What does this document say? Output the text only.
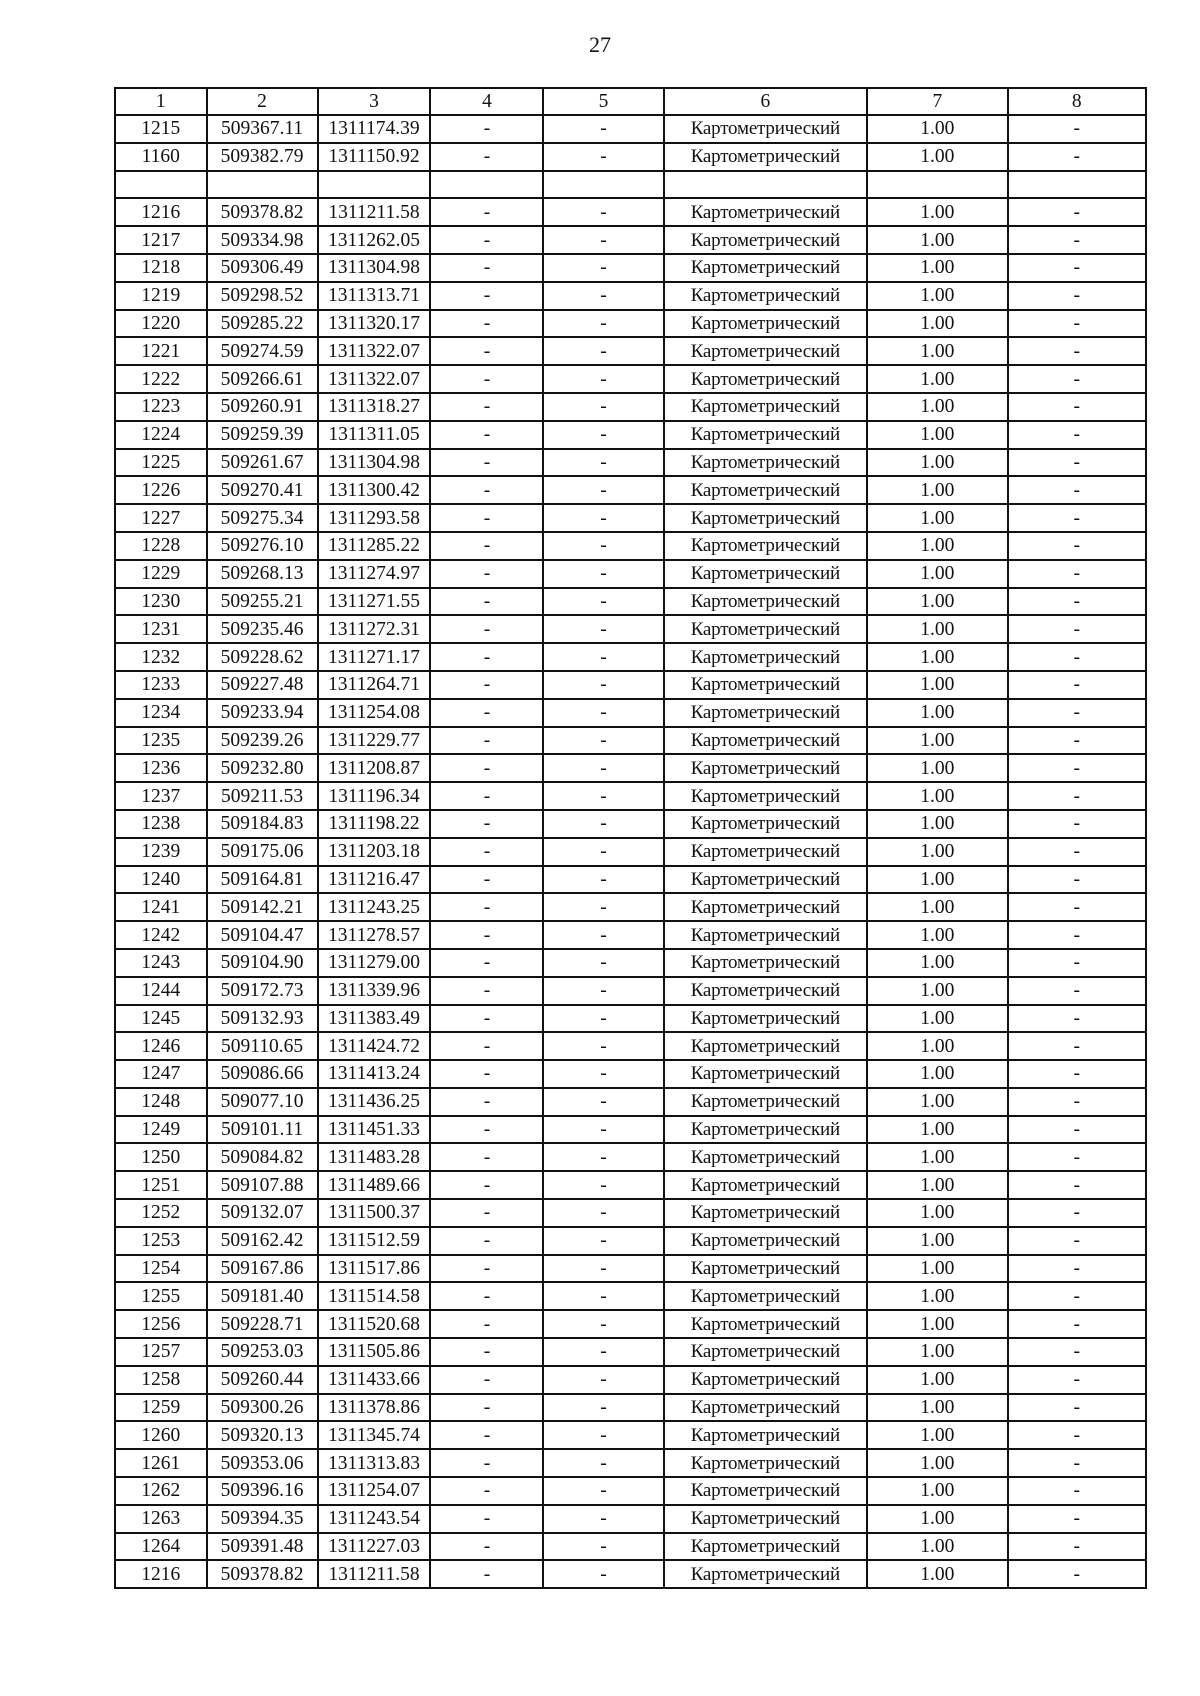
27
1	2	3	4	5	6	7	8
1215	509367.11	1311174.39	-	-	Картометрический	1.00	-
1160	509382.79	1311150.92	-	-	Картометрический	1.00	-

1216	509378.82	1311211.58	-	-	Картометрический	1.00	-
1217	509334.98	1311262.05	-	-	Картометрический	1.00	-
1218	509306.49	1311304.98	-	-	Картометрический	1.00	-
1219	509298.52	1311313.71	-	-	Картометрический	1.00	-
1220	509285.22	1311320.17	-	-	Картометрический	1.00	-
1221	509274.59	1311322.07	-	-	Картометрический	1.00	-
1222	509266.61	1311322.07	-	-	Картометрический	1.00	-
1223	509260.91	1311318.27	-	-	Картометрический	1.00	-
1224	509259.39	1311311.05	-	-	Картометрический	1.00	-
1225	509261.67	1311304.98	-	-	Картометрический	1.00	-
1226	509270.41	1311300.42	-	-	Картометрический	1.00	-
1227	509275.34	1311293.58	-	-	Картометрический	1.00	-
1228	509276.10	1311285.22	-	-	Картометрический	1.00	-
1229	509268.13	1311274.97	-	-	Картометрический	1.00	-
1230	509255.21	1311271.55	-	-	Картометрический	1.00	-
1231	509235.46	1311272.31	-	-	Картометрический	1.00	-
1232	509228.62	1311271.17	-	-	Картометрический	1.00	-
1233	509227.48	1311264.71	-	-	Картометрический	1.00	-
1234	509233.94	1311254.08	-	-	Картометрический	1.00	-
1235	509239.26	1311229.77	-	-	Картометрический	1.00	-
1236	509232.80	1311208.87	-	-	Картометрический	1.00	-
1237	509211.53	1311196.34	-	-	Картометрический	1.00	-
1238	509184.83	1311198.22	-	-	Картометрический	1.00	-
1239	509175.06	1311203.18	-	-	Картометрический	1.00	-
1240	509164.81	1311216.47	-	-	Картометрический	1.00	-
1241	509142.21	1311243.25	-	-	Картометрический	1.00	-
1242	509104.47	1311278.57	-	-	Картометрический	1.00	-
1243	509104.90	1311279.00	-	-	Картометрический	1.00	-
1244	509172.73	1311339.96	-	-	Картометрический	1.00	-
1245	509132.93	1311383.49	-	-	Картометрический	1.00	-
1246	509110.65	1311424.72	-	-	Картометрический	1.00	-
1247	509086.66	1311413.24	-	-	Картометрический	1.00	-
1248	509077.10	1311436.25	-	-	Картометрический	1.00	-
1249	509101.11	1311451.33	-	-	Картометрический	1.00	-
1250	509084.82	1311483.28	-	-	Картометрический	1.00	-
1251	509107.88	1311489.66	-	-	Картометрический	1.00	-
1252	509132.07	1311500.37	-	-	Картометрический	1.00	-
1253	509162.42	1311512.59	-	-	Картометрический	1.00	-
1254	509167.86	1311517.86	-	-	Картометрический	1.00	-
1255	509181.40	1311514.58	-	-	Картометрический	1.00	-
1256	509228.71	1311520.68	-	-	Картометрический	1.00	-
1257	509253.03	1311505.86	-	-	Картометрический	1.00	-
1258	509260.44	1311433.66	-	-	Картометрический	1.00	-
1259	509300.26	1311378.86	-	-	Картометрический	1.00	-
1260	509320.13	1311345.74	-	-	Картометрический	1.00	-
1261	509353.06	1311313.83	-	-	Картометрический	1.00	-
1262	509396.16	1311254.07	-	-	Картометрический	1.00	-
1263	509394.35	1311243.54	-	-	Картометрический	1.00	-
1264	509391.48	1311227.03	-	-	Картометрический	1.00	-
1216	509378.82	1311211.58	-	-	Картометрический	1.00	-
